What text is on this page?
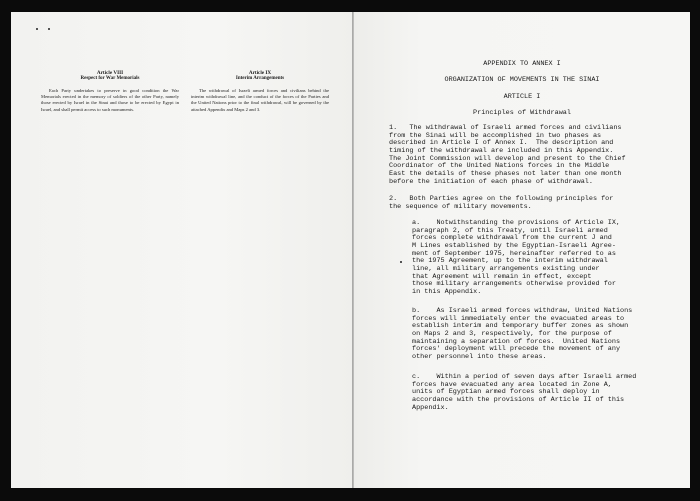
Article VIII
Respect for War Memorials

Each Party undertakes to preserve in good condition the War Memorials erected in the memory of soldiers of the other Party, namely those erected by Israel in the Sinai and those to be erected by Egypt in Israel, and shall permit access to such monuments.

Article IX
Interim Arrangements

The withdrawal of Israeli armed forces and civilians behind the interim withdrawal line, and the conduct of the forces of the Parties and the United Nations prior to the final withdrawal, will be governed by the attached Appendix and Maps 2 and 3.

APPENDIX TO ANNEX I
ORGANIZATION OF MOVEMENTS IN THE SINAI
ARTICLE I
Principles of Withdrawal

1.   The withdrawal of Israeli armed forces and civilians
from the Sinai will be accomplished in two phases as
described in Article I of Annex I.  The description and
timing of the withdrawal are included in this Appendix.
The Joint Commission will develop and present to the Chief
Coordinator of the United Nations forces in the Middle
East the details of these phases not later than one month
before the initiation of each phase of withdrawal.

2.   Both Parties agree on the following principles for
the sequence of military movements.

a.    Notwithstanding the provisions of Article IX,
paragraph 2, of this Treaty, until Israeli armed
forces complete withdrawal from the current J and
M Lines established by the Egyptian-Israeli Agree-
ment of September 1975, hereinafter referred to as
the 1975 Agreement, up to the interim withdrawal
line, all military arrangements existing under
that Agreement will remain in effect, except
those military arrangements otherwise provided for
in this Appendix.

b.    As Israeli armed forces withdraw, United Nations
forces will immediately enter the evacuated areas to
establish interim and temporary buffer zones as shown
on Maps 2 and 3, respectively, for the purpose of
maintaining a separation of forces.  United Nations
forces' deployment will precede the movement of any
other personnel into these areas.

c.    Within a period of seven days after Israeli armed
forces have evacuated any area located in Zone A,
units of Egyptian armed forces shall deploy in
accordance with the provisions of Article II of this
Appendix.
